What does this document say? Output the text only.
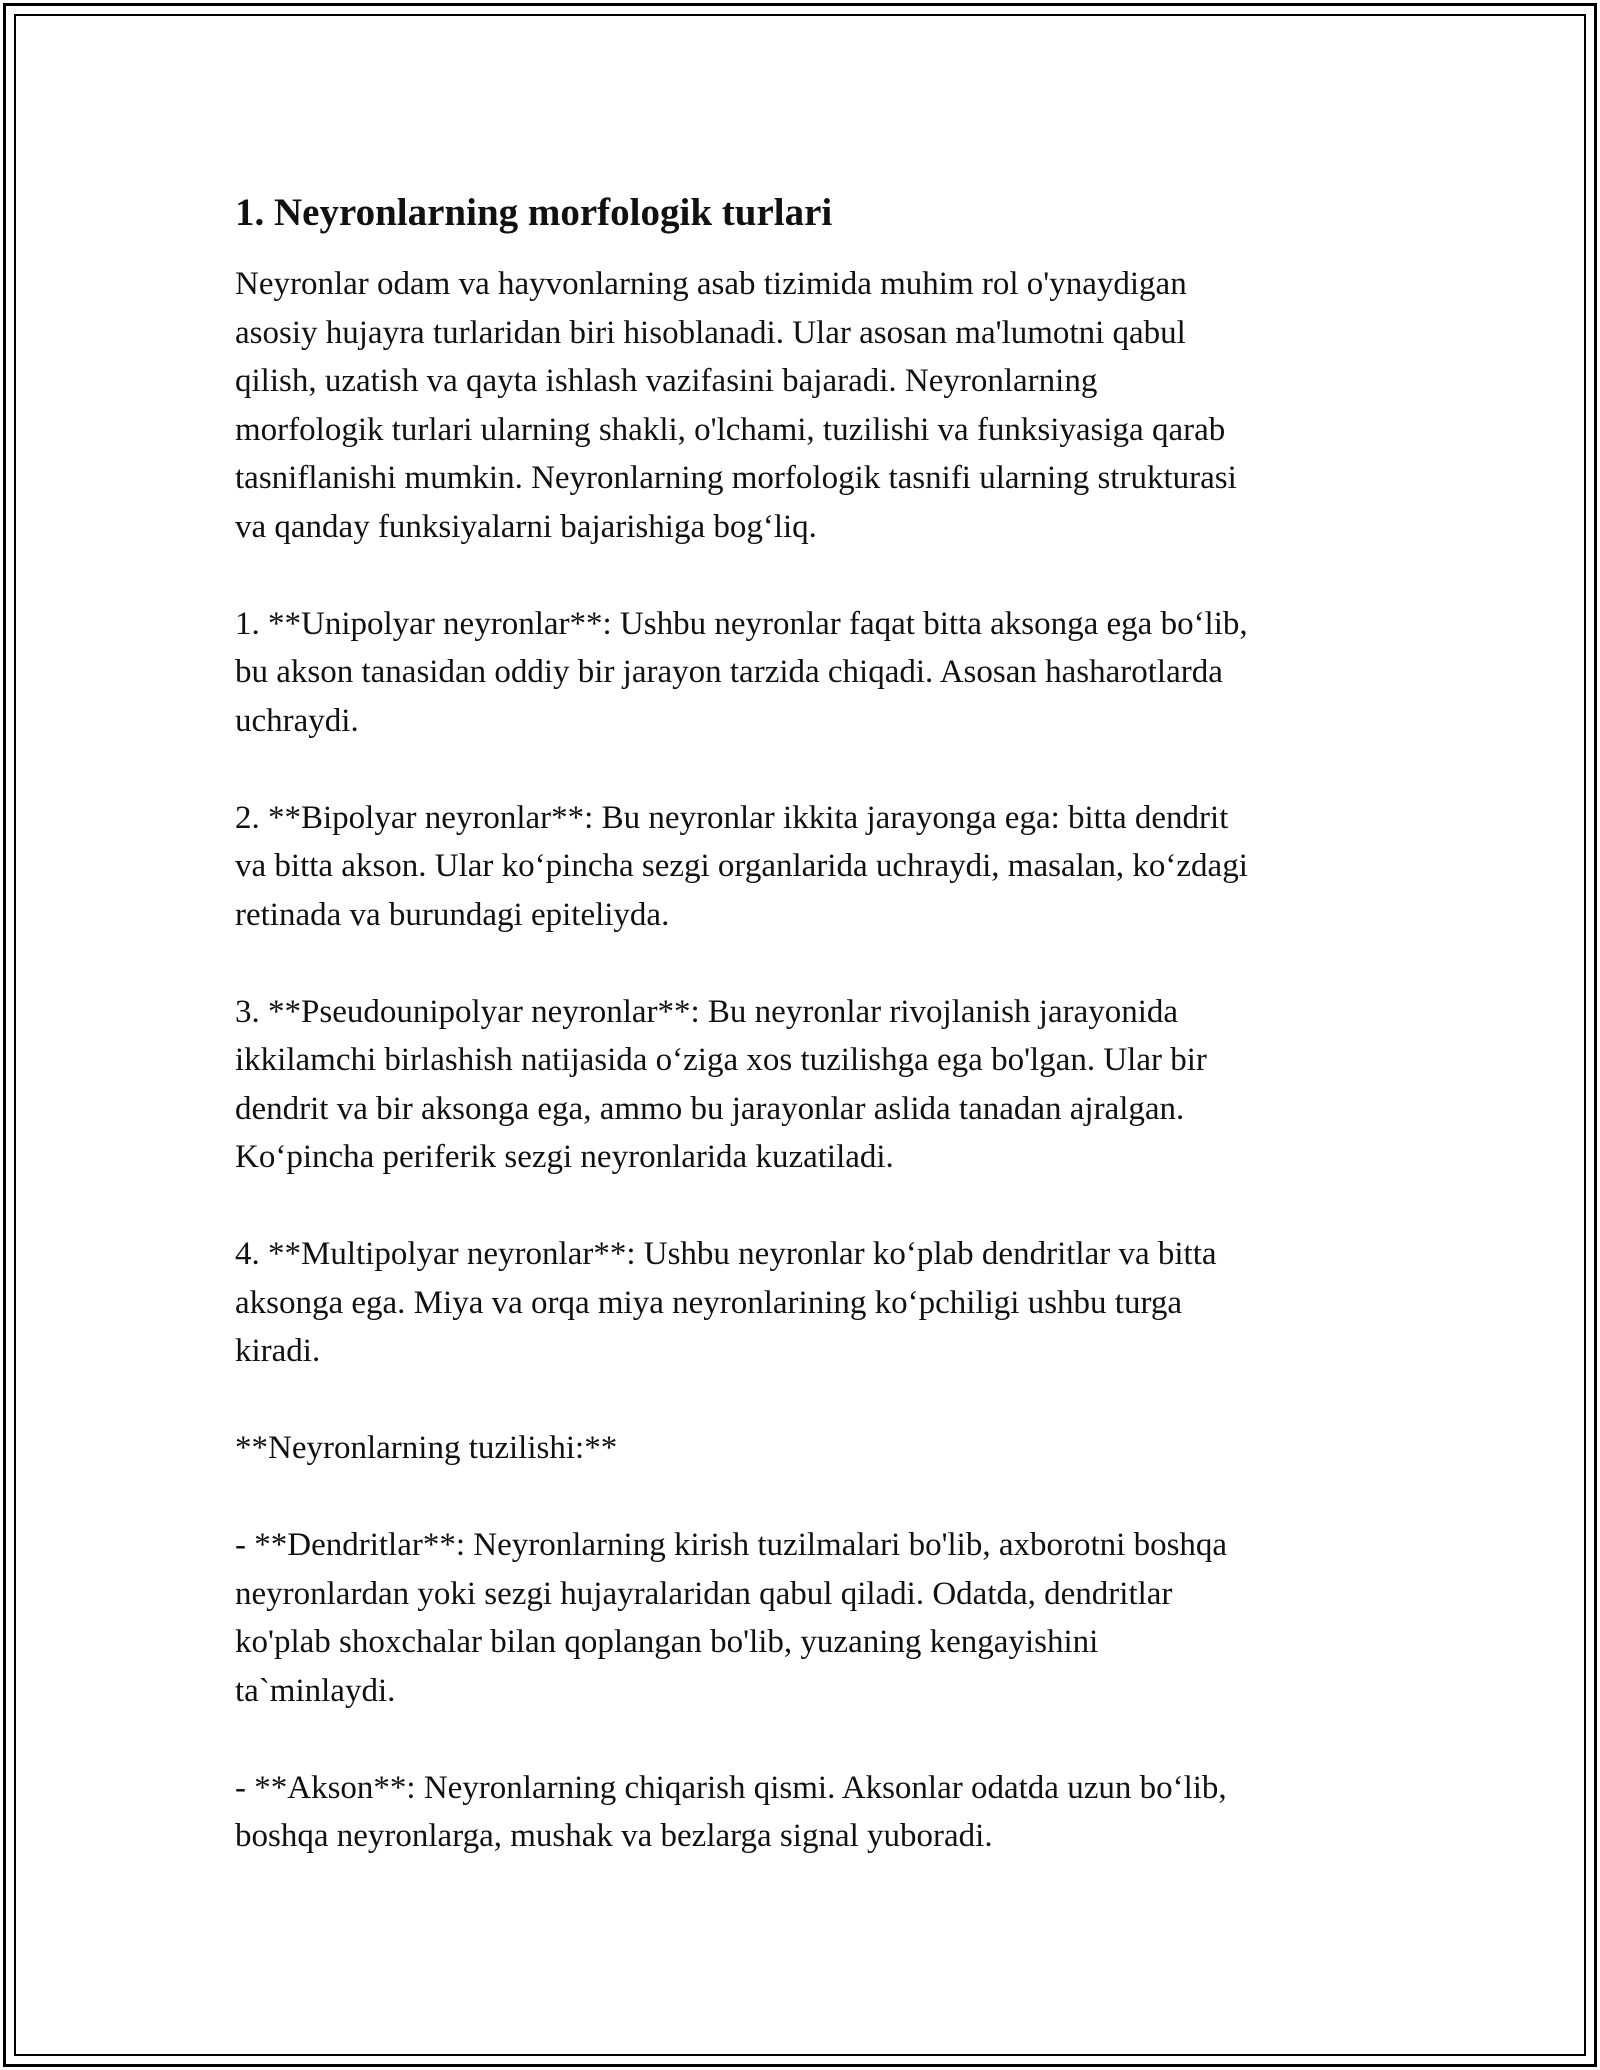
1. Neyronlarning morfologik turlari

Neyronlar odam va hayvonlarning asab tizimida muhim rol o'ynaydigan
asosiy hujayra turlaridan biri hisoblanadi. Ular asosan ma'lumotni qabul
qilish, uzatish va qayta ishlash vazifasini bajaradi. Neyronlarning
morfologik turlari ularning shakli, o'lchami, tuzilishi va funksiyasiga qarab
tasniflanishi mumkin. Neyronlarning morfologik tasnifi ularning strukturasi
va qanday funksiyalarni bajarishiga bog‘liq.

1. **Unipolyar neyronlar**: Ushbu neyronlar faqat bitta aksonga ega bo‘lib,
bu akson tanasidan oddiy bir jarayon tarzida chiqadi. Asosan hasharotlarda
uchraydi.

2. **Bipolyar neyronlar**: Bu neyronlar ikkita jarayonga ega: bitta dendrit
va bitta akson. Ular ko‘pincha sezgi organlarida uchraydi, masalan, ko‘zdagi
retinada va burundagi epiteliyda.

3. **Pseudounipolyar neyronlar**: Bu neyronlar rivojlanish jarayonida
ikkilamchi birlashish natijasida o‘ziga xos tuzilishga ega bo'lgan. Ular bir
dendrit va bir aksonga ega, ammo bu jarayonlar aslida tanadan ajralgan.
Ko‘pincha periferik sezgi neyronlarida kuzatiladi.

4. **Multipolyar neyronlar**: Ushbu neyronlar ko‘plab dendritlar va bitta
aksonga ega. Miya va orqa miya neyronlarining ko‘pchiligi ushbu turga
kiradi.

**Neyronlarning tuzilishi:**

- **Dendritlar**: Neyronlarning kirish tuzilmalari bo'lib, axborotni boshqa
neyronlardan yoki sezgi hujayralaridan qabul qiladi. Odatda, dendritlar
ko'plab shoxchalar bilan qoplangan bo'lib, yuzaning kengayishini
ta`minlaydi.

- **Akson**: Neyronlarning chiqarish qismi. Aksonlar odatda uzun bo‘lib,
boshqa neyronlarga, mushak va bezlarga signal yuboradi.
